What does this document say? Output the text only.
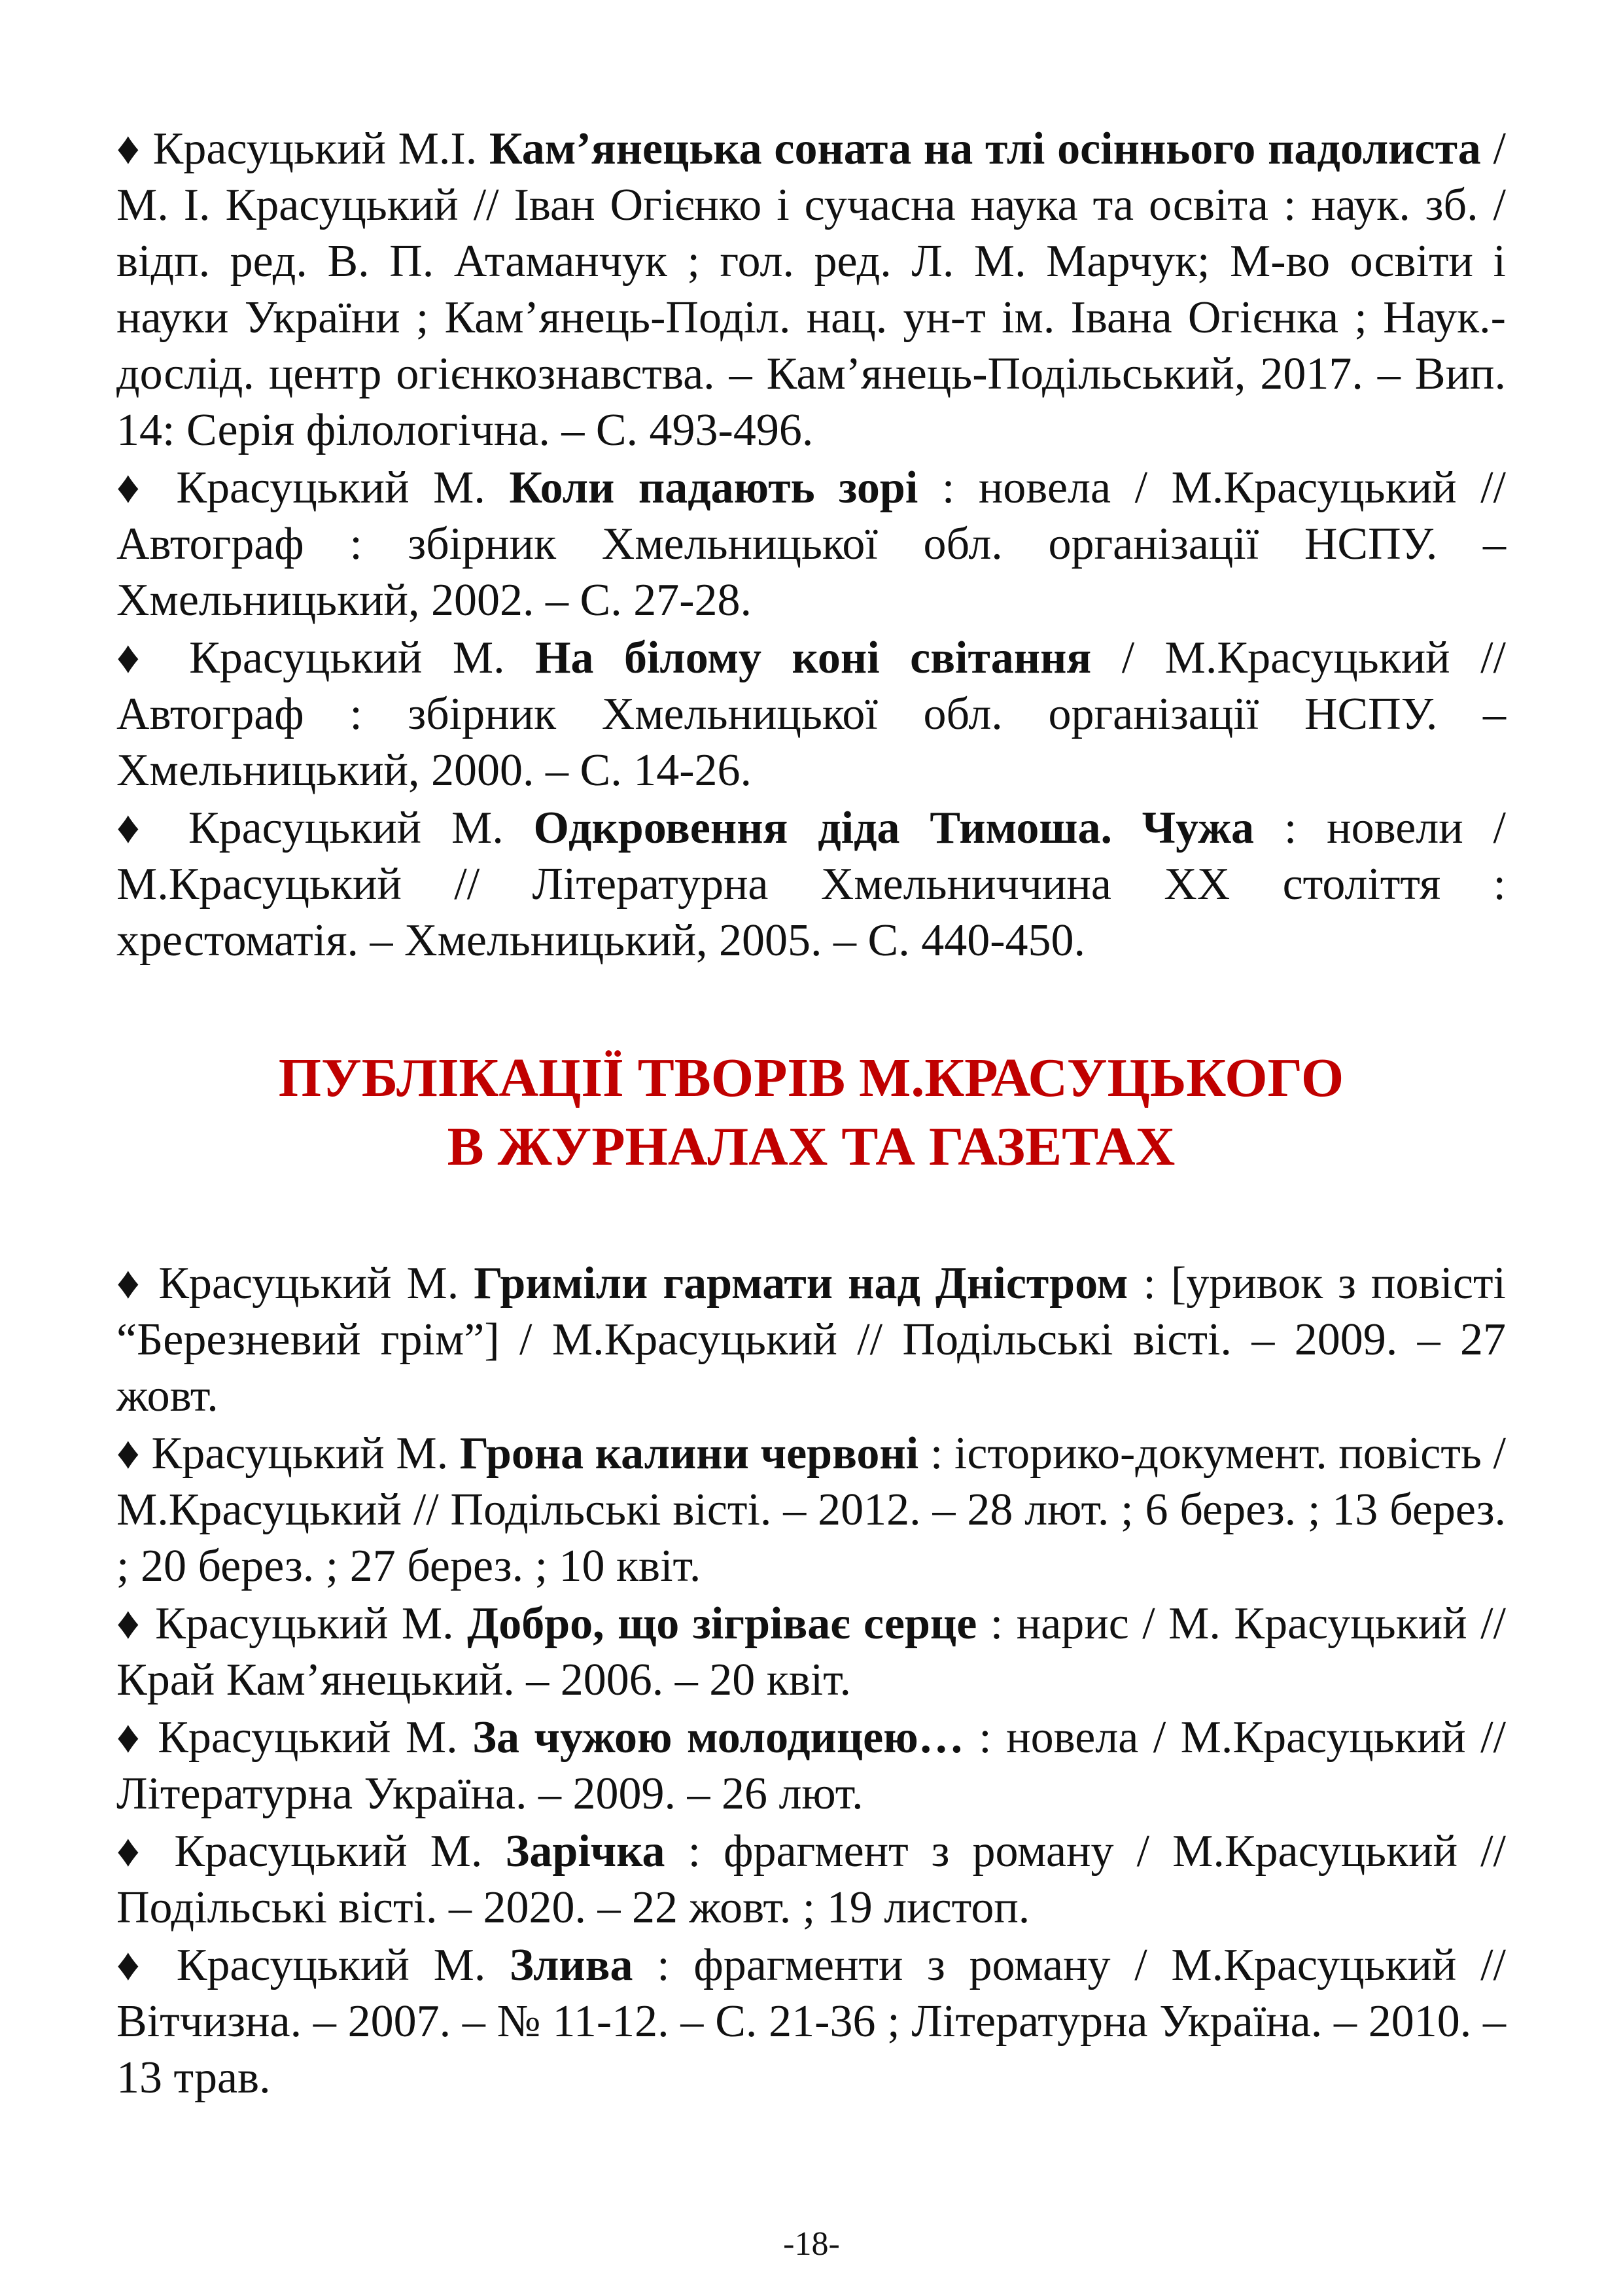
♦ Красуцький М.І. Кам’янецька соната на тлі осіннього падолиста / М. І. Красуцький // Іван Огієнко і сучасна наука та освіта : наук. зб. / відп. ред. В. П. Атаманчук ; гол. ред. Л. М. Марчук; М-во освіти і науки України ; Кам’янець-Поділ. нац. ун-т ім. Івана Огієнка ; Наук.-дослід. центр огієнкознавства. – Кам’янець-Подільський, 2017. – Вип. 14: Серія філологічна. – С. 493-496.

♦ Красуцький М. Коли падають зорі : новела / М.Красуцький // Автограф : збірник Хмельницької обл. організації НСПУ. – Хмельницький, 2002. – С. 27-28.

♦ Красуцький М. На білому коні світання / М.Красуцький // Автограф : збірник Хмельницької обл. організації НСПУ. – Хмельницький, 2000. – С. 14-26.

♦ Красуцький М. Одкровення діда Тимоша. Чужа : новели / М.Красуцький // Літературна Хмельниччина ХХ століття : хрестоматія. – Хмельницький, 2005. – С. 440-450.

ПУБЛІКАЦІЇ ТВОРІВ М.КРАСУЦЬКОГО
В ЖУРНАЛАХ ТА ГАЗЕТАХ

♦ Красуцький М. Гриміли гармати над Дністром : [уривок з повісті “Березневий грім”] / М.Красуцький // Подільські вісті. – 2009. – 27 жовт.

♦ Красуцький М. Грона калини червоні : історико-документ. повість / М.Красуцький // Подільські вісті. – 2012. – 28 лют. ; 6 берез. ; 13 берез. ; 20 берез. ; 27 берез. ; 10 квіт.

♦ Красуцький М. Добро, що зігріває серце : нарис / М. Красуцький // Край Кам’янецький. – 2006. – 20 квіт.

♦ Красуцький М. За чужою молодицею… : новела / М.Красуцький // Літературна Україна. – 2009. – 26 лют.

♦ Красуцький М. Зарічка : фрагмент з роману / М.Красуцький // Подільські вісті. – 2020. – 22 жовт. ; 19 листоп.

♦ Красуцький М. Злива : фрагменти з роману / М.Красуцький // Вітчизна. – 2007. – № 11-12. – С. 21-36 ; Літературна Україна. – 2010. – 13 трав.

-18-
